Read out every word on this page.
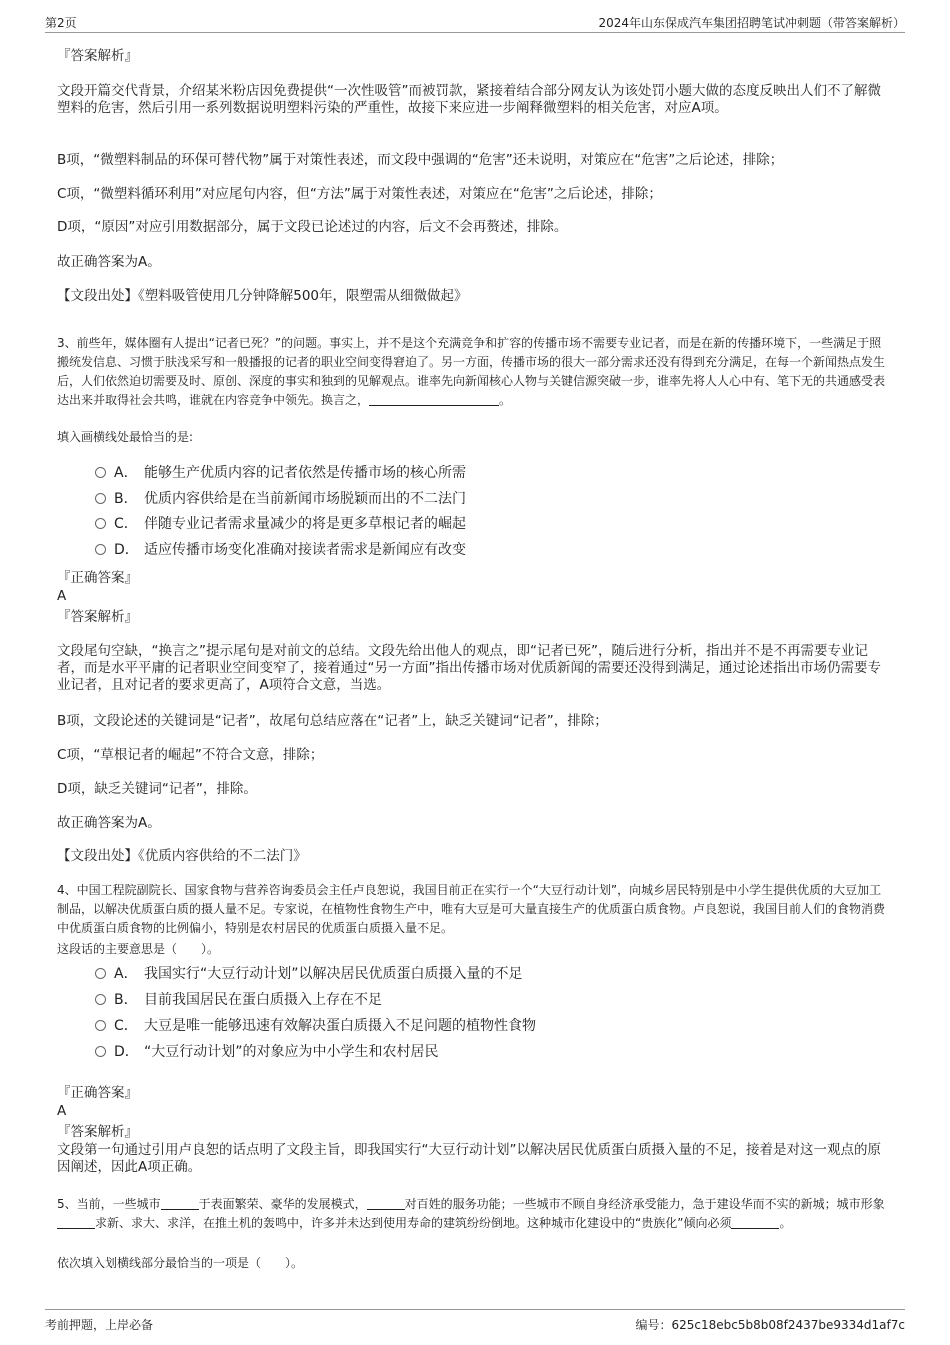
第2页	2024年山东保成汽车集团招聘笔试冲刺题（带答案解析）
『答案解析』

文段开篇交代背景，介绍某米粉店因免费提供“一次性吸管”而被罚款，紧接着结合部分网友认为该处罚小题大做的态度反映出人们不了解微塑料的危害，然后引用一系列数据说明塑料污染的严重性，故接下来应进一步阐释微塑料的相关危害，对应A项。

B项，“微塑料制品的环保可替代物”属于对策性表述，而文段中强调的“危害”还未说明，对策应在“危害”之后论述，排除；

C项，“微塑料循环利用”对应尾句内容，但“方法”属于对策性表述，对策应在“危害”之后论述，排除；

D项，“原因”对应引用数据部分，属于文段已论述过的内容，后文不会再赘述，排除。

故正确答案为A。

【文段出处】《塑料吸管使用几分钟降解500年，限塑需从细微做起》

3、前些年，媒体圈有人提出“记者已死？”的问题。事实上，并不是这个充满竞争和扩容的传播市场不需要专业记者，而是在新的传播环境下，一些满足于照搬统发信息、习惯于肤浅采写和一般播报的记者的职业空间变得窘迫了。另一方面，传播市场的很大一部分需求还没有得到充分满足，在每一个新闻热点发生后，人们依然迫切需要及时、原创、深度的事实和独到的见解观点。谁率先向新闻核心人物与关键信源突破一步，谁率先将人人心中有、笔下无的共通感受表达出来并取得社会共鸣，谁就在内容竞争中领先。换言之，	。

填入画横线处最恰当的是:

A． 能够生产优质内容的记者依然是传播市场的核心所需
B． 优质内容供给是在当前新闻市场脱颖而出的不二法门
C． 伴随专业记者需求量减少的将是更多草根记者的崛起
D． 适应传播市场变化准确对接读者需求是新闻应有改变
『正确答案』
A
『答案解析』

文段尾句空缺，“换言之”提示尾句是对前文的总结。文段先给出他人的观点，即“记者已死”，随后进行分析，指出并不是不再需要专业记者，而是水平平庸的记者职业空间变窄了，接着通过“另一方面”指出传播市场对优质新闻的需要还没得到满足，通过论述指出市场仍需要专业记者，且对记者的要求更高了，A项符合文意，当选。

B项，文段论述的关键词是“记者”，故尾句总结应落在“记者”上，缺乏关键词“记者”，排除；

C项，“草根记者的崛起”不符合文意，排除；

D项，缺乏关键词“记者”，排除。

故正确答案为A。

【文段出处】《优质内容供给的不二法门》

4、中国工程院副院长、国家食物与营养咨询委员会主任卢良恕说，我国目前正在实行一个“大豆行动计划”，向城乡居民特别是中小学生提供优质的大豆加工制品，以解决优质蛋白质的摄人量不足。专家说，在植物性食物生产中，唯有大豆是可大量直接生产的优质蛋白质食物。卢良恕说，我国目前人们的食物消费中优质蛋白质食物的比例偏小，特别是农村居民的优质蛋白质摄入量不足。

这段话的主要意思是（　　）。

A． 我国实行“大豆行动计划”以解决居民优质蛋白质摄入量的不足
B． 目前我国居民在蛋白质摄入上存在不足
C． 大豆是唯一能够迅速有效解决蛋白质摄入不足问题的植物性食物
D． “大豆行动计划”的对象应为中小学生和农村居民
『正确答案』
A
『答案解析』

文段第一句通过引用卢良恕的话点明了文段主旨，即我国实行“大豆行动计划”以解决居民优质蛋白质摄入量的不足，接着是对这一观点的原因阐述，因此A项正确。

5、当前，一些城市	于表面繁荣、豪华的发展模式，	对百姓的服务功能；一些城市不顾自身经济承受能力，急于建设华而不实的新城；城市形象求新、求大、求洋，在推土机的轰鸣中，许多并未达到使用寿命的建筑纷纷倒地。这种城市化建设中的“贵族化”倾向必须	。

依次填入划横线部分最恰当的一项是（　　）。

考前押题，上岸必备	编号：625c18ebc5b8b08f2437be9334d1af7c
